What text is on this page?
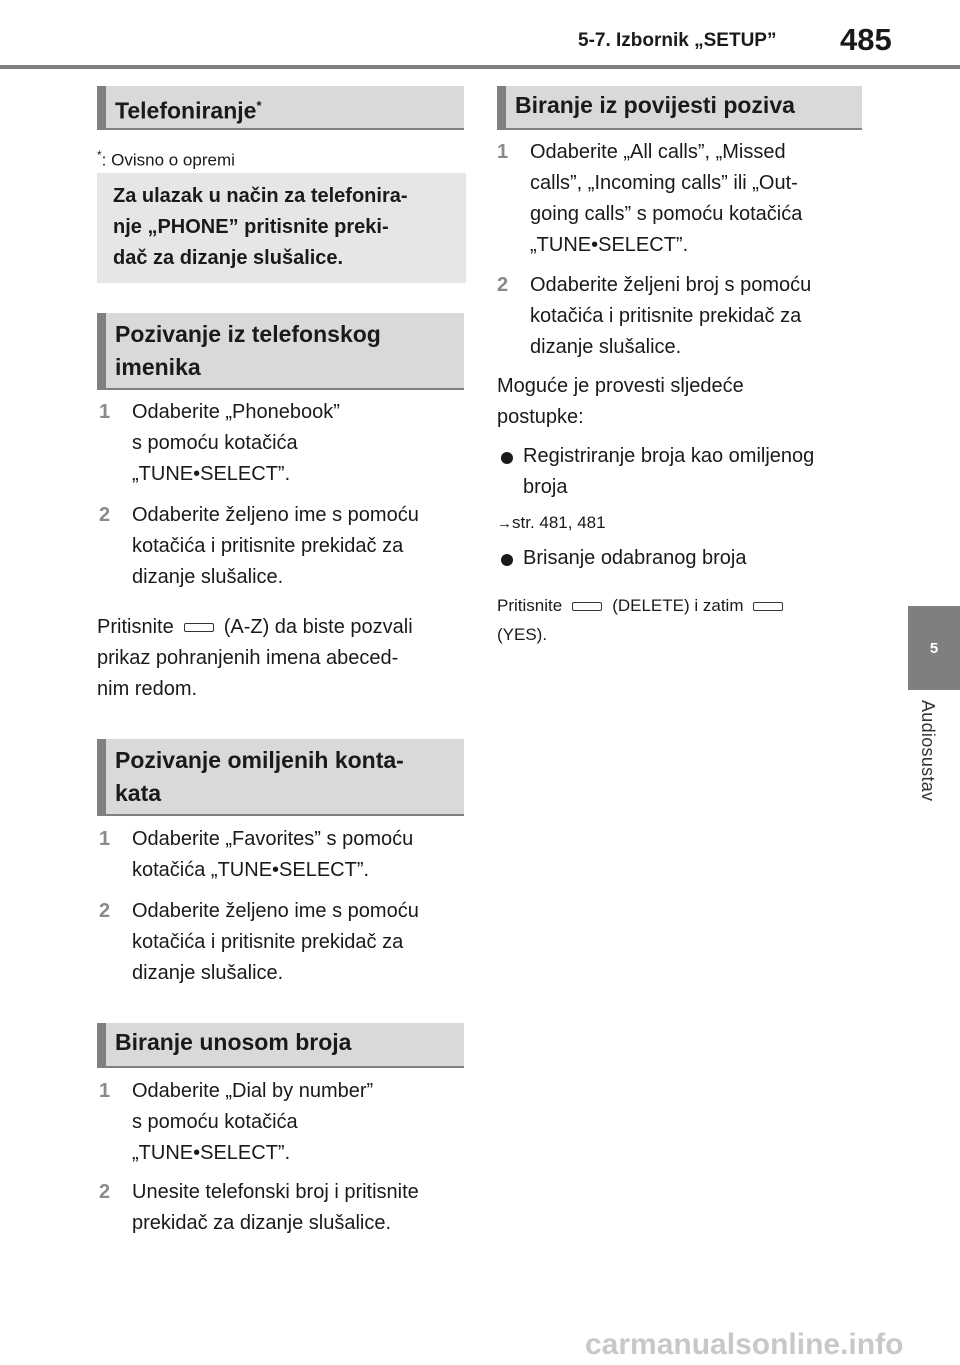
5-7. Izbornik „SETUP” 485
5
Audiosustav
Telefoniranje*
*: Ovisno o opremi
Za ulazak u način za telefonira-
nje „PHONE” pritisnite preki-
dač za dizanje slušalice.
Pozivanje iz telefonskog
imenika
1 Odaberite „Phonebook”
s pomoću kotačića
„TUNE•SELECT”.
2 Odaberite željeno ime s pomoću
kotačića i pritisnite prekidač za
dizanje slušalice.
Pritisnite	(A-Z) da biste pozvali
prikaz pohranjenih imena abeced-
nim redom.
Pozivanje omiljenih konta-
kata
1 Odaberite „Favorites” s pomoću
kotačića „TUNE•SELECT”.
2 Odaberite željeno ime s pomoću
kotačića i pritisnite prekidač za
dizanje slušalice.
Biranje unosom broja
1 Odaberite „Dial by number”
s pomoću kotačića
„TUNE•SELECT”.
2 Unesite telefonski broj i pritisnite
prekidač za dizanje slušalice.
Biranje iz povijesti poziva
1 Odaberite „All calls”, „Missed
calls”, „Incoming calls” ili „Out-
going calls” s pomoću kotačića
„TUNE•SELECT”.
2 Odaberite željeni broj s pomoću
kotačića i pritisnite prekidač za
dizanje slušalice.
Moguće je provesti sljedeće
postupke:
Registriranje broja kao omiljenog
broja
→str. 481, 481
Brisanje odabranog broja
Pritisnite	(DELETE) i zatim
(YES).
carmanualsonline.info
